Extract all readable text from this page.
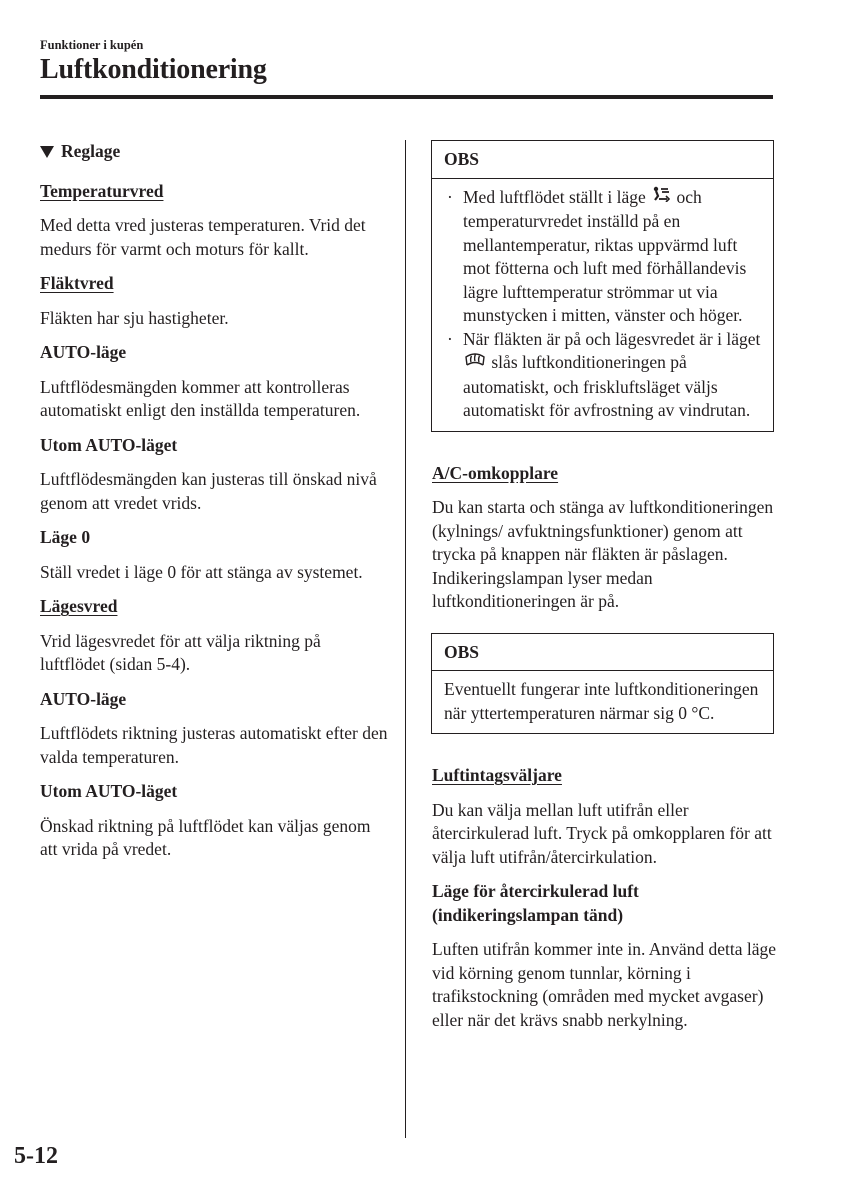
Funktioner i kupén
Luftkonditionering
Reglage
Temperaturvred

Med detta vred justeras temperaturen. Vrid det medurs för varmt och moturs för kallt.

Fläktvred

Fläkten har sju hastigheter.

AUTO-läge

Luftflödesmängden kommer att kontrolleras automatiskt enligt den inställda temperaturen.

Utom AUTO-läget

Luftflödesmängden kan justeras till önskad nivå genom att vredet vrids.

Läge 0

Ställ vredet i läge 0 för att stänga av systemet.

Lägesvred

Vrid lägesvredet för att välja riktning på luftflödet (sidan 5-4).

AUTO-läge

Luftflödets riktning justeras automatiskt efter den valda temperaturen.

Utom AUTO-läget

Önskad riktning på luftflödet kan väljas genom att vrida på vredet.

OBS
· Med luftflödet ställt i läge och temperaturvredet inställd på en mellantemperatur, riktas uppvärmd luft mot fötterna och luft med förhållandevis lägre lufttemperatur strömmar ut via munstycken i mitten, vänster och höger.
· När fläkten är på och lägesvredet är i läget  slås luftkonditioneringen på automatiskt, och friskluftsläget väljs automatiskt för avfrostning av vindrutan.
A/C-omkopplare

Du kan starta och stänga av luftkonditioneringen (kylnings/ avfuktningsfunktioner) genom att trycka på knappen när fläkten är påslagen. Indikeringslampan lyser medan luftkonditioneringen är på.

OBS
Eventuellt fungerar inte luftkonditioneringen när yttertemperaturen närmar sig 0 °C.
Luftintagsväljare

Du kan välja mellan luft utifrån eller återcirkulerad luft. Tryck på omkopplaren för att välja luft utifrån/återcirkulation.

Läge för återcirkulerad luft (indikeringslampan tänd)

Luften utifrån kommer inte in. Använd detta läge vid körning genom tunnlar, körning i trafikstockning (områden med mycket avgaser) eller när det krävs snabb nerkylning.

5-12
